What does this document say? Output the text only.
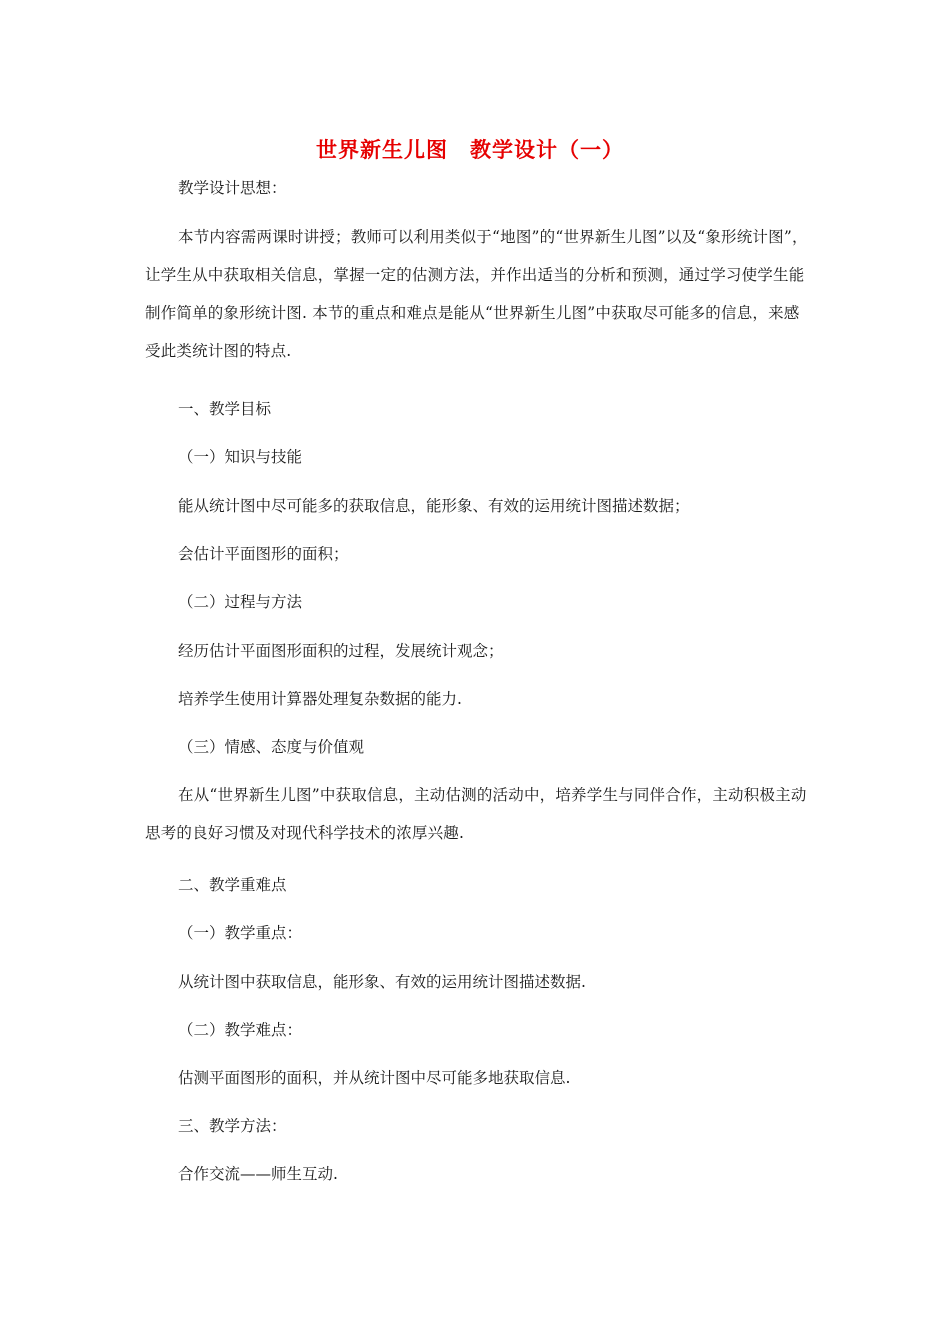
世界新生儿图　教学设计（一）
教学设计思想：
本节内容需两课时讲授；教师可以利用类似于“地图”的“世界新生儿图”以及“象形统计图”，让学生从中获取相关信息，掌握一定的估测方法，并作出适当的分析和预测，通过学习使学生能制作简单的象形统计图. 本节的重点和难点是能从“世界新生儿图”中获取尽可能多的信息，来感受此类统计图的特点.
一、教学目标
（一）知识与技能
能从统计图中尽可能多的获取信息，能形象、有效的运用统计图描述数据；
会估计平面图形的面积；
（二）过程与方法
经历估计平面图形面积的过程，发展统计观念；
培养学生使用计算器处理复杂数据的能力.
（三）情感、态度与价值观
在从“世界新生儿图”中获取信息，主动估测的活动中，培养学生与同伴合作，主动积极主动思考的良好习惯及对现代科学技术的浓厚兴趣.
二、教学重难点
（一）教学重点：
从统计图中获取信息，能形象、有效的运用统计图描述数据.
（二）教学难点：
估测平面图形的面积，并从统计图中尽可能多地获取信息.
三、教学方法：
合作交流——师生互动.
